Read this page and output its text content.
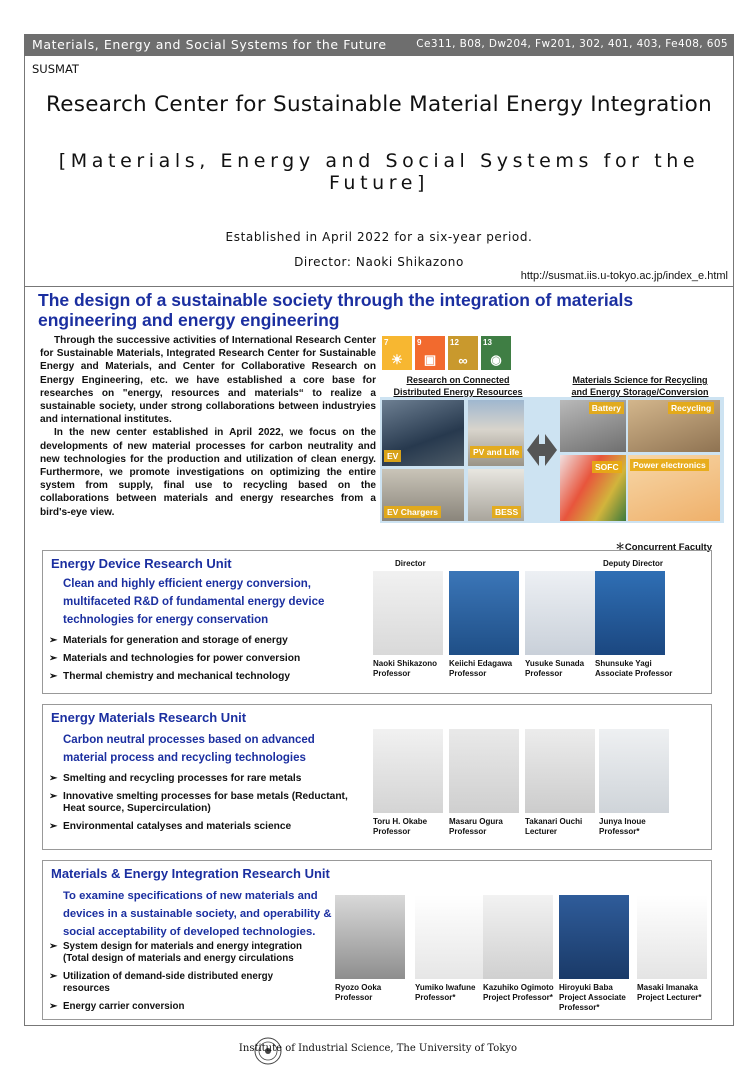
Materials, Energy and Social Systems for the Future	Ce311, B08, Dw204, Fw201, 302, 401, 403, Fe408, 605
SUSMAT
Research Center for Sustainable Material Energy Integration
[Materials, Energy and Social Systems for the Future]
Established in April 2022 for a six-year period.
Director: Naoki Shikazono
http://susmat.iis.u-tokyo.ac.jp/index_e.html
The design of a sustainable society through the integration of materials engineering and energy engineering

Through the successive activities of International Research Center for Sustainable Materials, Integrated Research Center for Sustainable Energy and Materials, and Center for Collaborative Research on Energy Engineering, etc. we have established a core base for researches on "energy, resources and materials“ to realize a sustainable society, under strong collaborations between industryies and international institutes.

In the new center established in April 2022, we focus on the developments of new material processes for carbon neutrality and new technologies for the production and utilization of clean energy. Furthermore, we promote investigations on optimizing the entire system from supply, final use to recycling based on the collaborations between materials and energy researches from a bird's-eye view.

7
☀
9
▣
12
∞
13
◉
Research on Connected Distributed Energy Resources
Materials Science for Recycling and Energy Storage/Conversion
EV	PV and Life
EV Chargers	BESS
Battery	Recycling
SOFC	Power electronics
＊Concurrent Faculty
Energy Device Research Unit
Clean and highly efficient energy conversion, multifaceted R&D of fundamental energy device technologies for energy conservation
➢ Materials for generation and storage of energy
➢ Materials and technologies for power conversion
➢ Thermal chemistry and mechanical technology
Director	Deputy Director
Naoki Shikazono
Professor
Keiichi Edagawa
Professor
Yusuke Sunada
Professor
Shunsuke Yagi
Associate Professor
Energy Materials Research Unit
Carbon neutral processes based on advanced material process and recycling technologies
➢ Smelting and recycling processes for rare metals
➢ Innovative smelting processes for base metals (Reductant, Heat source, Supercirculation)
➢ Environmental catalyses and materials science	Toru H. Okabe
Professor
Masaru Ogura
Professor
Takanari Ouchi
Lecturer
Junya Inoue
Professor*
Materials & Energy Integration Research Unit
To examine specifications of new materials and devices in a sustainable society, and operability & social acceptability of developed technologies.
➢ System design for materials and energy integration (Total design of materials and energy circulations
➢ Utilization of demand-side distributed energy resources
➢ Energy carrier conversion
Ryozo Ooka
Professor
Yumiko Iwafune
Professor*
Kazuhiko Ogimoto
Project Professor*
Hiroyuki Baba
Project Associate Professor*
Masaki Imanaka
Project Lecturer*
Institute of Industrial Science, The University of Tokyo
